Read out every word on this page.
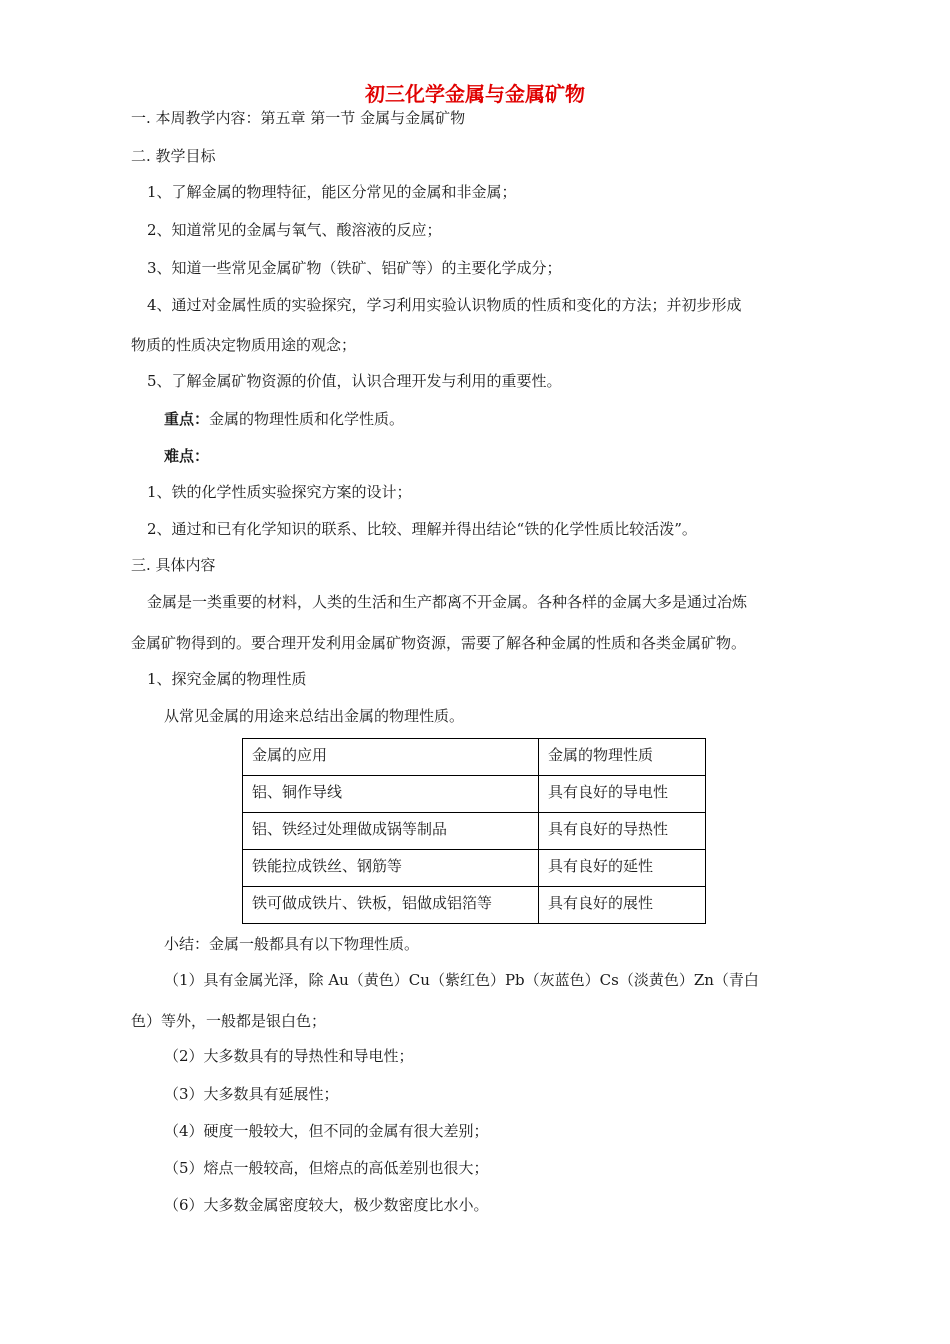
初三化学金属与金属矿物
一. 本周教学内容：第五章 第一节 金属与金属矿物
二. 教学目标
1、了解金属的物理特征，能区分常见的金属和非金属；
2、知道常见的金属与氧气、酸溶液的反应；
3、知道一些常见金属矿物（铁矿、铝矿等）的主要化学成分；
4、通过对金属性质的实验探究，学习利用实验认识物质的性质和变化的方法；并初步形成
物质的性质决定物质用途的观念；
5、了解金属矿物资源的价值，认识合理开发与利用的重要性。
重点：金属的物理性质和化学性质。
难点：
1、铁的化学性质实验探究方案的设计；
2、通过和已有化学知识的联系、比较、理解并得出结论“铁的化学性质比较活泼”。
三. 具体内容
金属是一类重要的材料，人类的生活和生产都离不开金属。各种各样的金属大多是通过冶炼
金属矿物得到的。要合理开发利用金属矿物资源，需要了解各种金属的性质和各类金属矿物。
1、探究金属的物理性质
从常见金属的用途来总结出金属的物理性质。
金属的应用	金属的物理性质
铝、铜作导线	具有良好的导电性
铝、铁经过处理做成锅等制品	具有良好的导热性
铁能拉成铁丝、钢筋等	具有良好的延性
铁可做成铁片、铁板，铝做成铝箔等	具有良好的展性
小结：金属一般都具有以下物理性质。
（1）具有金属光泽，除 Au（黄色）Cu（紫红色）Pb（灰蓝色）Cs（淡黄色）Zn（青白
色）等外，一般都是银白色；
（2）大多数具有的导热性和导电性；
（3）大多数具有延展性；
（4）硬度一般较大，但不同的金属有很大差别；
（5）熔点一般较高，但熔点的高低差别也很大；
（6）大多数金属密度较大，极少数密度比水小。
